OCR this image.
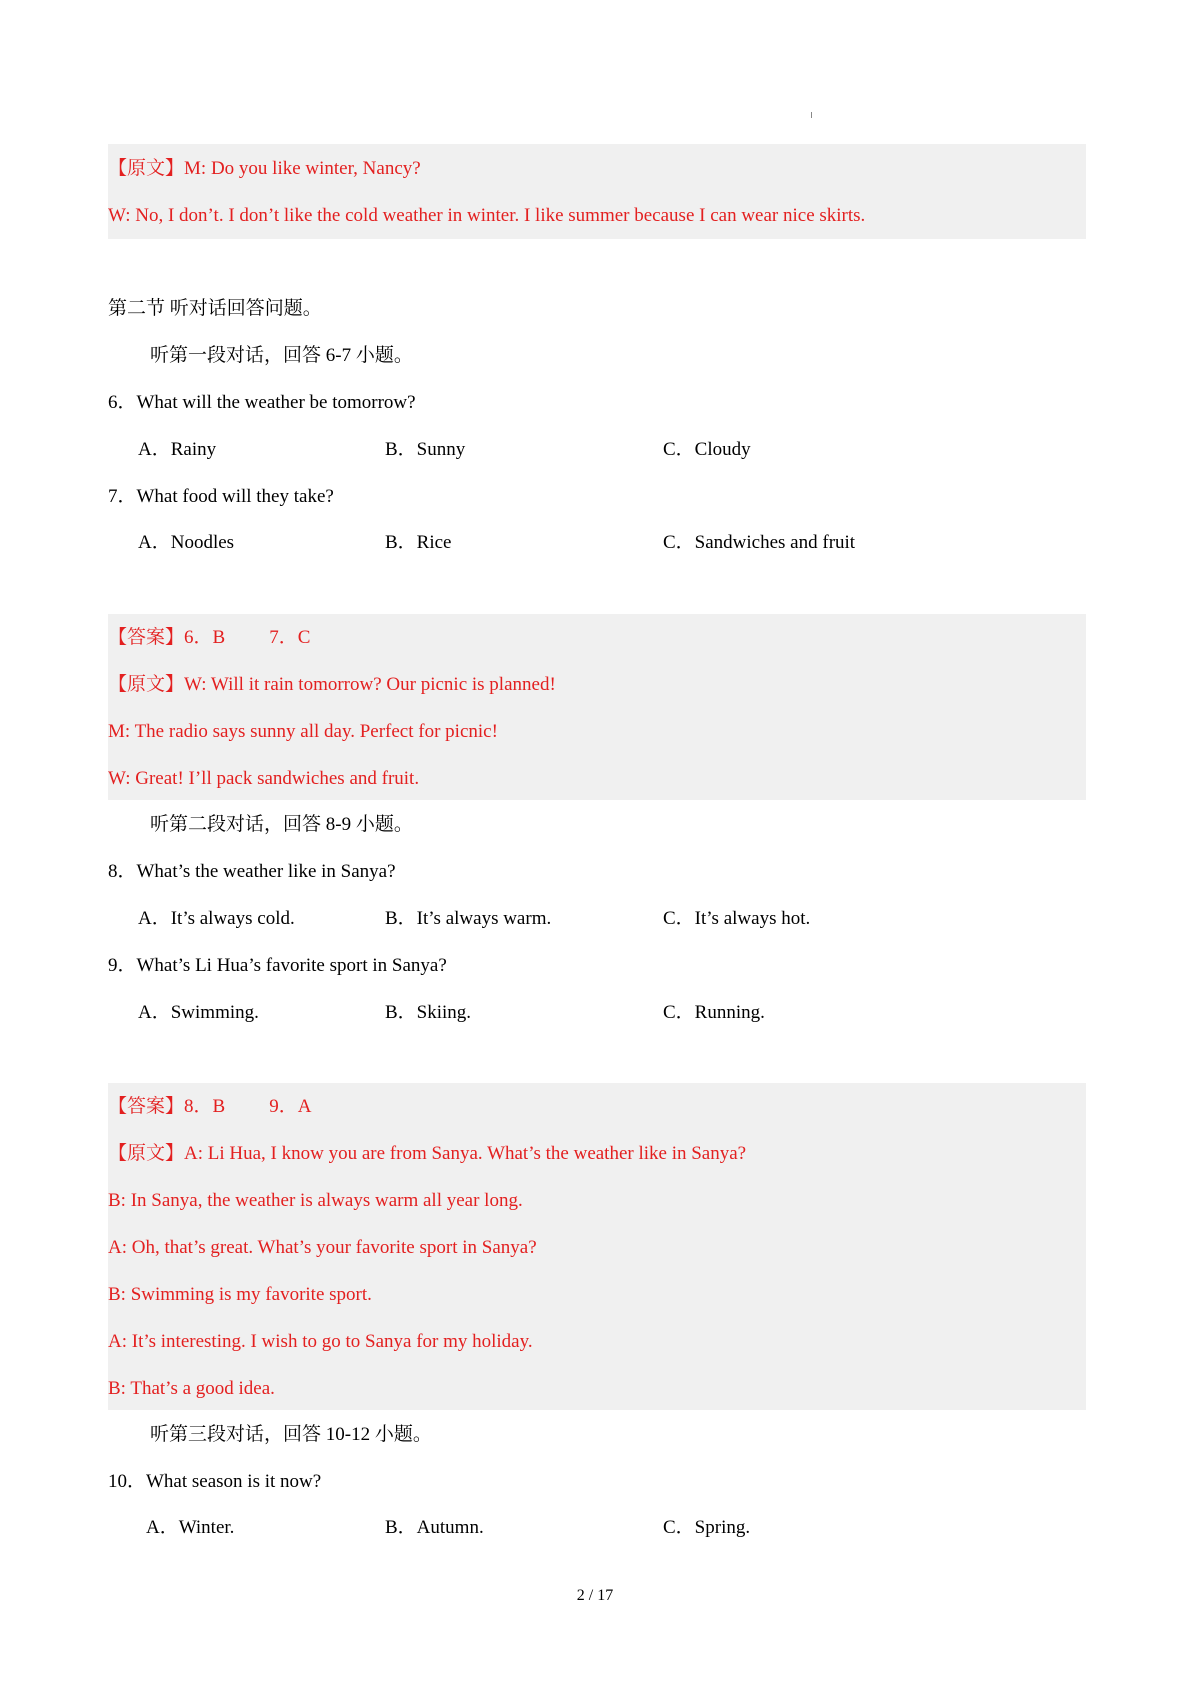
【原文】M: Do you like winter, Nancy?
W: No, I don’t. I don’t like the cold weather in winter. I like summer because I can wear nice skirts.
第二节 听对话回答问题。
听第一段对话，回答 6-7 小题。
6．What will the weather be tomorrow?
A．Rainy	B．Sunny	C．Cloudy
7．What food will they take?
A．Noodles	B．Rice	C．Sandwiches and fruit
【答案】6．B 7．C
【原文】W: Will it rain tomorrow? Our picnic is planned!
M: The radio says sunny all day. Perfect for picnic!
W: Great! I’ll pack sandwiches and fruit.
听第二段对话，回答 8-9 小题。
8．What’s the weather like in Sanya?
A．It’s always cold.	B．It’s always warm.	C．It’s always hot.
9．What’s Li Hua’s favorite sport in Sanya?
A．Swimming.	B．Skiing.	C．Running.
【答案】8．B 9．A
【原文】A: Li Hua, I know you are from Sanya. What’s the weather like in Sanya?
B: In Sanya, the weather is always warm all year long.
A: Oh, that’s great. What’s your favorite sport in Sanya?
B: Swimming is my favorite sport.
A: It’s interesting. I wish to go to Sanya for my holiday.
B: That’s a good idea.
听第三段对话，回答 10-12 小题。
10．What season is it now?
A．Winter.	B．Autumn.	C．Spring.
2 / 17
